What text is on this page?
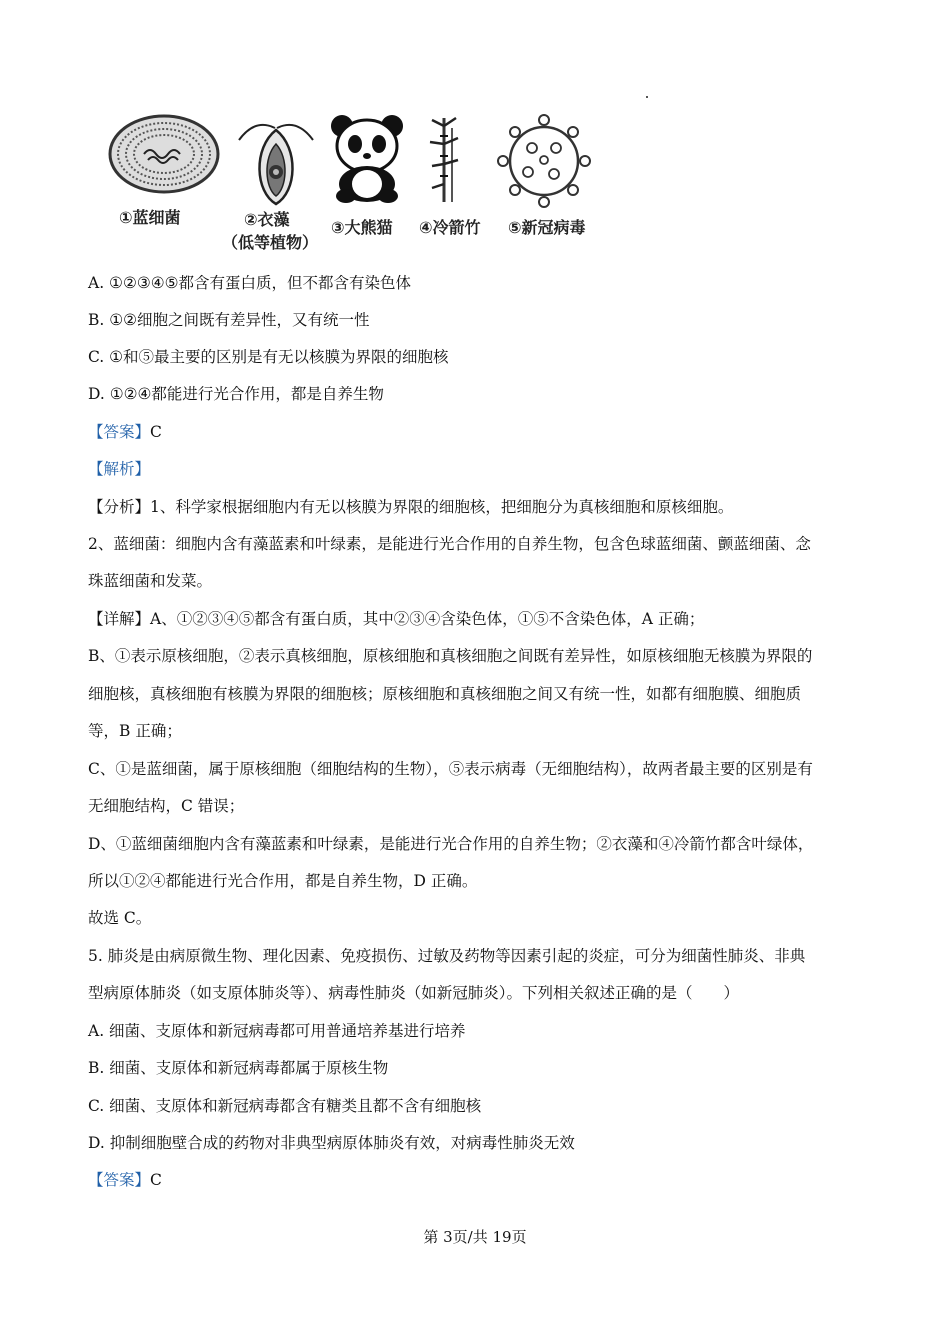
①蓝细菌	②衣藻
（低等植物）
③大熊猫 ④冷箭竹 ⑤新冠病毒
A. ①②③④⑤都含有蛋白质，但不都含有染色体
B. ①②细胞之间既有差异性，又有统一性
C. ①和⑤最主要的区别是有无以核膜为界限的细胞核
D. ①②④都能进行光合作用，都是自养生物
【答案】C
【解析】
【分析】1、科学家根据细胞内有无以核膜为界限的细胞核，把细胞分为真核细胞和原核细胞。
2、蓝细菌：细胞内含有藻蓝素和叶绿素，是能进行光合作用的自养生物，包含色球蓝细菌、颤蓝细菌、念
珠蓝细菌和发菜。
【详解】A、①②③④⑤都含有蛋白质，其中②③④含染色体，①⑤不含染色体，A 正确；
B、①表示原核细胞，②表示真核细胞，原核细胞和真核细胞之间既有差异性，如原核细胞无核膜为界限的
细胞核，真核细胞有核膜为界限的细胞核；原核细胞和真核细胞之间又有统一性，如都有细胞膜、细胞质
等，B 正确；
C、①是蓝细菌，属于原核细胞（细胞结构的生物），⑤表示病毒（无细胞结构），故两者最主要的区别是有
无细胞结构，C 错误；
D、①蓝细菌细胞内含有藻蓝素和叶绿素，是能进行光合作用的自养生物；②衣藻和④冷箭竹都含叶绿体，
所以①②④都能进行光合作用，都是自养生物，D 正确。
故选 C。
5. 肺炎是由病原微生物、理化因素、免疫损伤、过敏及药物等因素引起的炎症，可分为细菌性肺炎、非典
型病原体肺炎（如支原体肺炎等）、病毒性肺炎（如新冠肺炎）。下列相关叙述正确的是（　　）
A. 细菌、支原体和新冠病毒都可用普通培养基进行培养
B. 细菌、支原体和新冠病毒都属于原核生物
C. 细菌、支原体和新冠病毒都含有糖类且都不含有细胞核
D. 抑制细胞壁合成的药物对非典型病原体肺炎有效，对病毒性肺炎无效
【答案】C
第 3页/共 19页
